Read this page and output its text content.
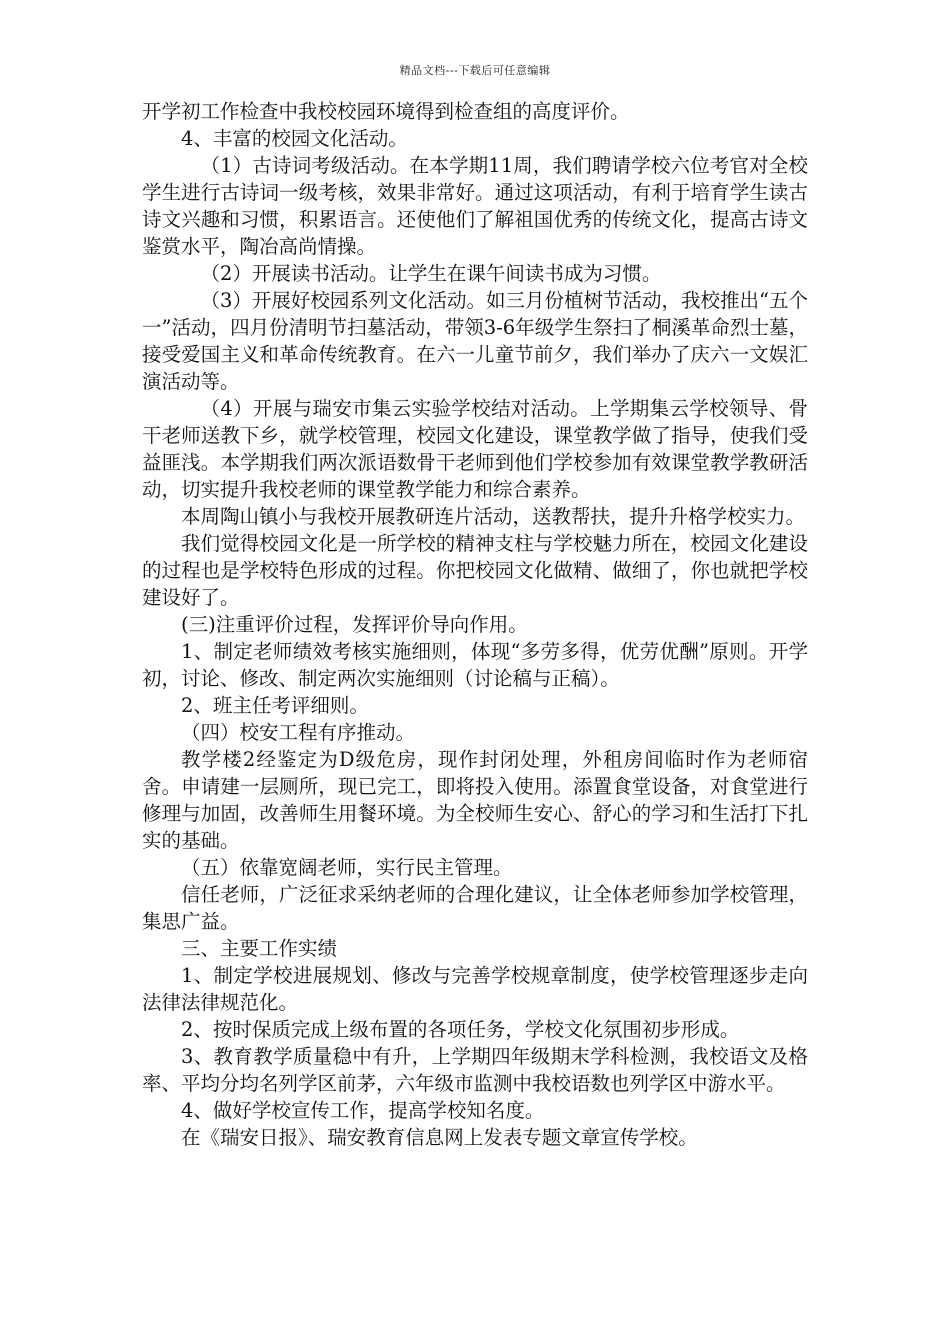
精品文档---下载后可任意编辑

开学初工作检查中我校校园环境得到检查组的高度评价。

4、丰富的校园文化活动。

（1）古诗词考级活动。在本学期11周，我们聘请学校六位考官对全校学生进行古诗词一级考核，效果非常好。通过这项活动，有利于培育学生读古诗文兴趣和习惯，积累语言。还使他们了解祖国优秀的传统文化，提高古诗文鉴赏水平，陶冶高尚情操。

（2）开展读书活动。让学生在课午间读书成为习惯。

（3）开展好校园系列文化活动。如三月份植树节活动，我校推出“五个一”活动，四月份清明节扫墓活动，带领3-6年级学生祭扫了桐溪革命烈士墓，接受爱国主义和革命传统教育。在六一儿童节前夕，我们举办了庆六一文娱汇演活动等。

（4）开展与瑞安市集云实验学校结对活动。上学期集云学校领导、骨干老师送教下乡，就学校管理，校园文化建设，课堂教学做了指导，使我们受益匪浅。本学期我们两次派语数骨干老师到他们学校参加有效课堂教学教研活动，切实提升我校老师的课堂教学能力和综合素养。

本周陶山镇小与我校开展教研连片活动，送教帮扶，提升升格学校实力。

我们觉得校园文化是一所学校的精神支柱与学校魅力所在，校园文化建设的过程也是学校特色形成的过程。你把校园文化做精、做细了，你也就把学校建设好了。

(三)注重评价过程，发挥评价导向作用。

1、制定老师绩效考核实施细则，体现“多劳多得，优劳优酬”原则。开学初，讨论、修改、制定两次实施细则（讨论稿与正稿）。

2、班主任考评细则。

（四）校安工程有序推动。

教学楼2经鉴定为D级危房，现作封闭处理，外租房间临时作为老师宿舍。申请建一层厕所，现已完工，即将投入使用。添置食堂设备，对食堂进行修理与加固，改善师生用餐环境。为全校师生安心、舒心的学习和生活打下扎实的基础。

（五）依靠宽阔老师，实行民主管理。

信任老师，广泛征求采纳老师的合理化建议，让全体老师参加学校管理，集思广益。

三、主要工作实绩

1、制定学校进展规划、修改与完善学校规章制度，使学校管理逐步走向法律法律规范化。

2、按时保质完成上级布置的各项任务，学校文化氛围初步形成。

3、教育教学质量稳中有升，上学期四年级期末学科检测，我校语文及格率、平均分均名列学区前茅，六年级市监测中我校语数也列学区中游水平。

4、做好学校宣传工作，提高学校知名度。

在《瑞安日报》、瑞安教育信息网上发表专题文章宣传学校。
